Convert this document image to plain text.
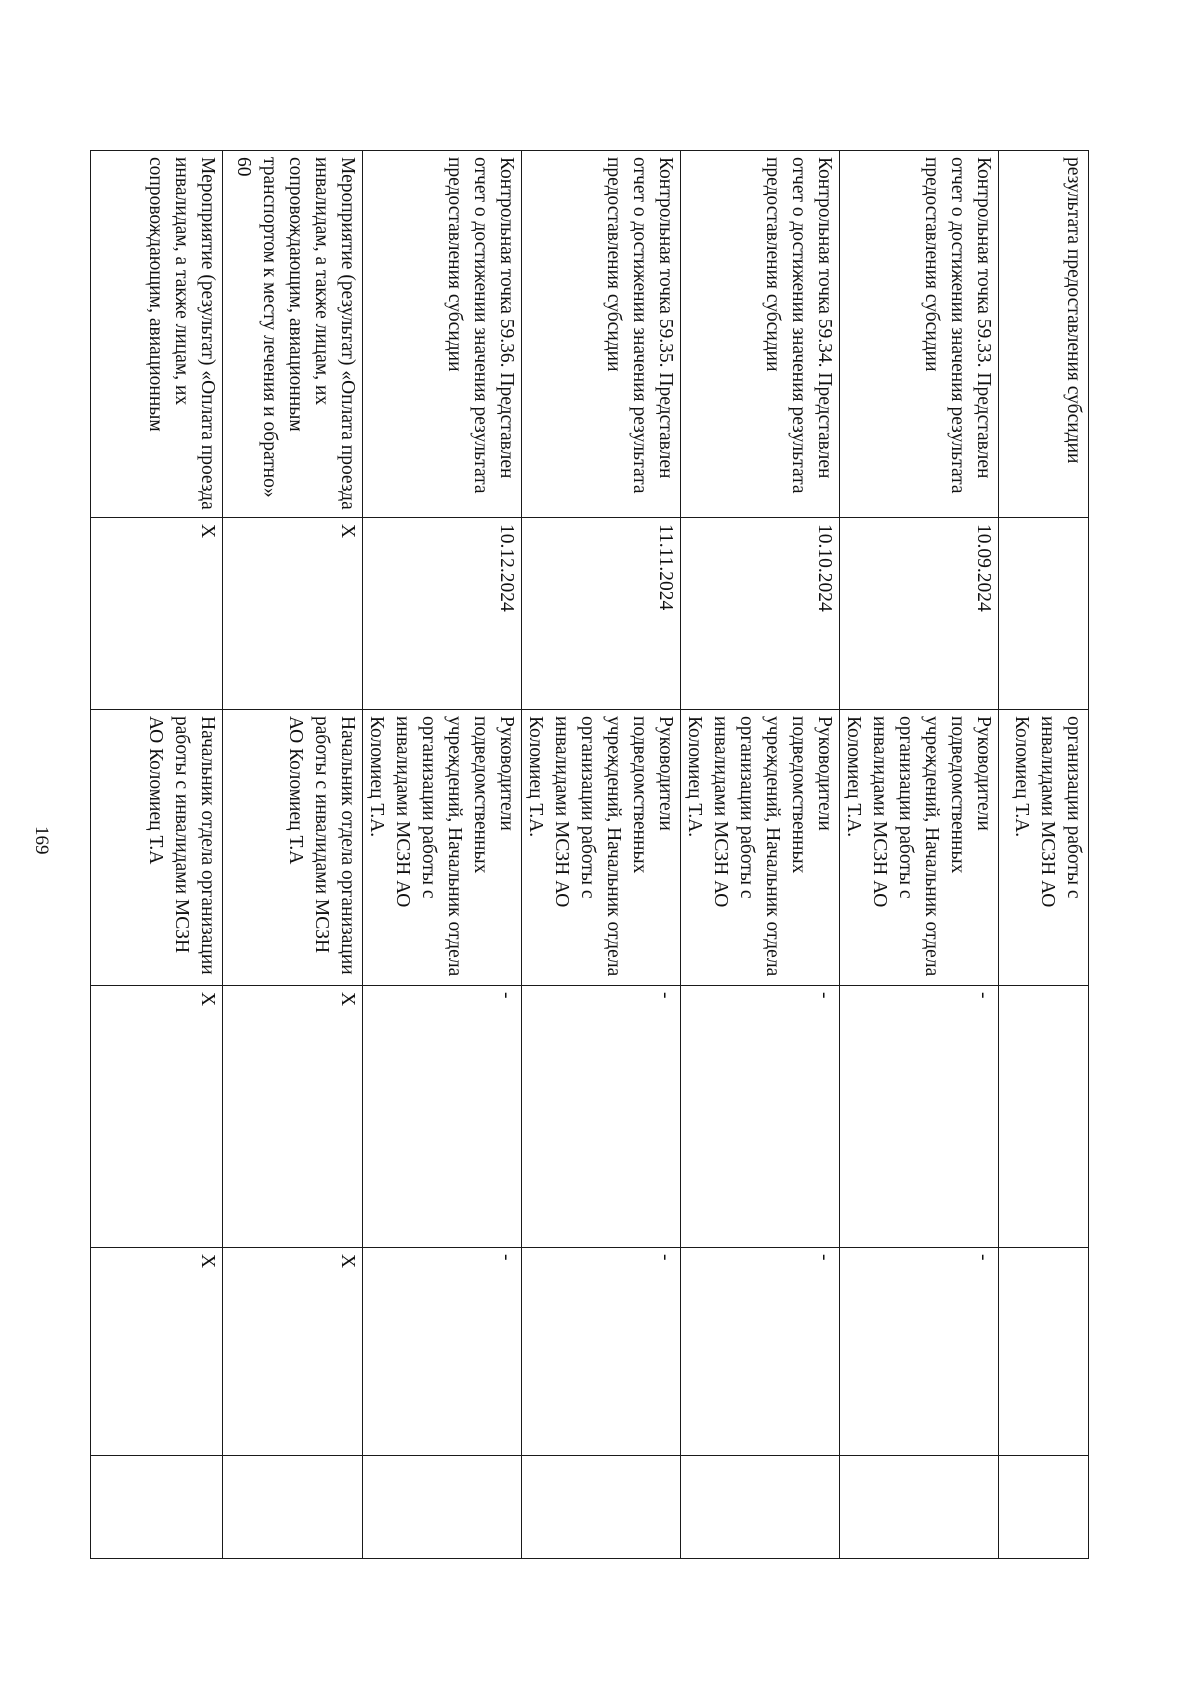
169
результата предоставления субсидии		организации работы с инвалидами МСЗН АО Коломиец Т.А.			
Контрольная точка 59.33. Представлен отчет о достижении значения результата предоставления субсидии	10.09.2024	Руководители подведомственных учреждений, Начальник отдела организации работы с инвалидами МСЗН АО Коломиец Т.А.	-	-	
Контрольная точка 59.34. Представлен отчет о достижении значения результата предоставления субсидии	10.10.2024	Руководители подведомственных учреждений, Начальник отдела организации работы с инвалидами МСЗН АО Коломиец Т.А.	-	-	
Контрольная точка 59.35. Представлен отчет о достижении значения результата предоставления субсидии	11.11.2024	Руководители подведомственных учреждений, Начальник отдела организации работы с инвалидами МСЗН АО Коломиец Т.А.	-	-	
Контрольная точка 59.36. Представлен отчет о достижении значения результата предоставления субсидии	10.12.2024	Руководители подведомственных учреждений, Начальник отдела организации работы с инвалидами МСЗН АО Коломиец Т.А.	-	-	
Мероприятие (результат) «Оплата проезда инвалидам, а также лицам, их сопровождающим, авиационным транспортом к месту лечения и обратно» 60	X	Начальник отдела организации работы с инвалидами МСЗН АО Коломиец Т.А	X	X	
Мероприятие (результат) «Оплата проезда инвалидам, а также лицам, их сопровождающим, авиационным	X	Начальник отдела организации работы с инвалидами МСЗН АО Коломиец Т.А	X	X	
